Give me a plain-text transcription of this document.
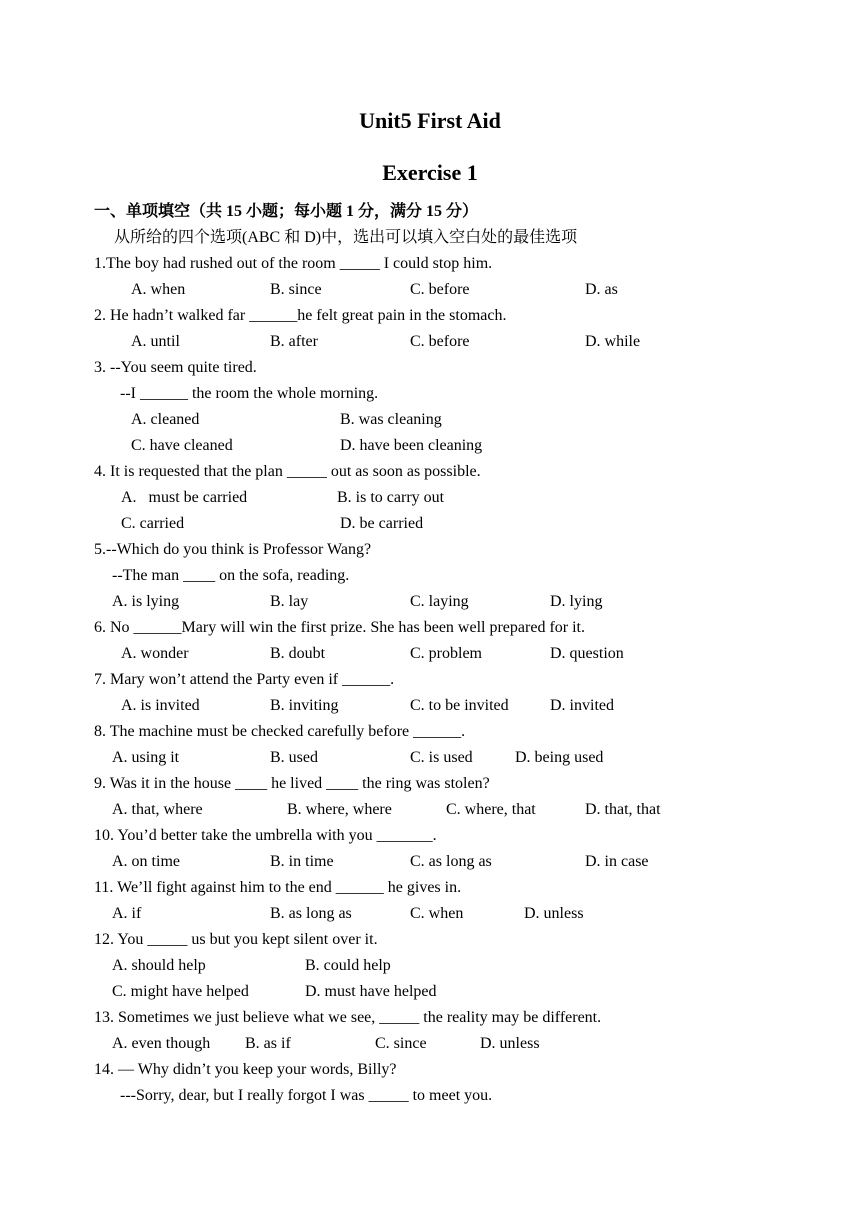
Unit5 First Aid
Exercise 1
一、单项填空（共 15 小题；每小题 1 分，满分 15 分）
从所给的四个选项(ABC 和 D)中，选出可以填入空白处的最佳选项
1.The boy had rushed out of the room _____ I could stop him.
A. when	B. since	C. before	D. as
2. He hadn’t walked far ______he felt great pain in the stomach.
A. until	B. after	C. before	D. while
3. --You seem quite tired.
--I ______ the room the whole morning.
A. cleaned	B. was cleaning
C. have cleaned	D. have been cleaning
4. It is requested that the plan _____ out as soon as possible.
A.   must be carried	B. is to carry out
C. carried	D. be carried
5.--Which do you think is Professor Wang?
--The man ____ on the sofa, reading.
A. is lying	B. lay	C. laying	D. lying
6. No ______Mary will win the first prize. She has been well prepared for it.
A. wonder	B. doubt	C. problem	D. question
7. Mary won’t attend the Party even if ______.
A. is invited	B. inviting	C. to be invited	D. invited
8. The machine must be checked carefully before ______.
A. using it	B. used	C. is used	D. being used
9. Was it in the house ____ he lived ____ the ring was stolen?
A. that, where	B. where, where	C. where, that	D. that, that
10. You’d better take the umbrella with you _______.
A. on time	B. in time	C. as long as	D. in case
11. We’ll fight against him to the end ______ he gives in.
A. if	B. as long as	C. when	D. unless
12. You _____ us but you kept silent over it.
A. should help	B. could help
C. might have helped	D. must have helped
13. Sometimes we just believe what we see, _____ the reality may be different.
A. even though B. as if	C. since	D. unless
14. — Why didn’t you keep your words, Billy?
---Sorry, dear, but I really forgot I was _____ to meet you.
